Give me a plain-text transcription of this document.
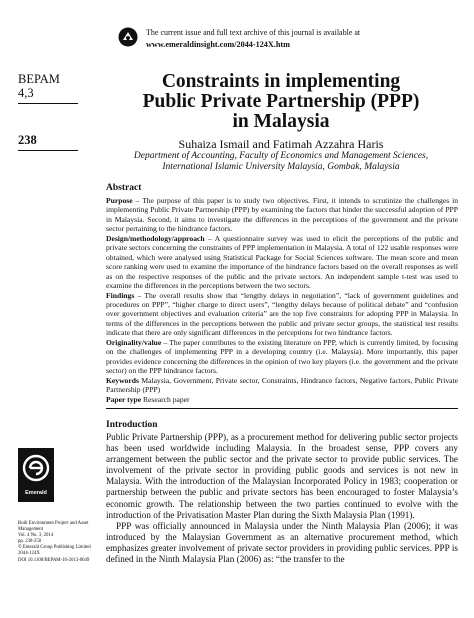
The current issue and full text archive of this journal is available at
www.emeraldinsight.com/2044-124X.htm
BEPAM
4,3
238
Constraints in implementing
Public Private Partnership (PPP)
in Malaysia
Suhaiza Ismail and Fatimah Azzahra Haris
Department of Accounting, Faculty of Economics and Management Sciences,
International Islamic University Malaysia, Gombak, Malaysia
Abstract

Purpose – The purpose of this paper is to study two objectives. First, it intends to scrutinize the challenges in implementing Public Private Partnership (PPP) by examining the factors that hinder the successful adoption of PPP in Malaysia. Second, it aims to investigate the differences in the perceptions of the government and the private sector pertaining to the hindrance factors.

Design/methodology/approach – A questionnaire survey was used to elicit the perceptions of the public and private sectors concerning the constraints of PPP implementation in Malaysia. A total of 122 usable responses were obtained, which were analysed using Statistical Package for Social Sciences software. The mean score and mean score ranking were used to examine the importance of the hindrance factors based on the overall responses as well as on the respective responses of the public and the private sectors. An independent sample t-test was used to examine the differences in the perceptions between the two sectors.

Findings – The overall results show that “lengthy delays in negotiation”, “lack of government guidelines and procedures on PPP”, “higher charge to direct users”, “lengthy delays because of political debate” and “confusion over government objectives and evaluation criteria” are the top five constraints for adopting PPP in Malaysia. In terms of the differences in the perceptions between the public and private sector groups, the statistical test results indicate that there are only significant differences in the perceptions for two hindrance factors.

Originality/value – The paper contributes to the existing literature on PPP, which is currently limited, by focusing on the challenges of implementing PPP in a developing country (i.e. Malaysia). More importantly, this paper provides evidence concerning the differences in the opinion of two key players (i.e. the government and the private sector) on the PPP hindrance factors.

Keywords Malaysia, Government, Private sector, Constraints, Hindrance factors, Negative factors, Public Private Partnership (PPP)

Paper type Research paper

Introduction

Public Private Partnership (PPP), as a procurement method for delivering public sector projects has been used worldwide including Malaysia. In the broadest sense, PPP covers any arrangement between the public sector and the private sector to provide public services. The involvement of the private sector in providing public goods and services is not new in Malaysia. With the introduction of the Malaysian Incorporated Policy in 1983; cooperation or partnership between the public and private sectors has been encouraged to foster Malaysia’s economic growth. The relationship between the two parties continued to evolve with the introduction of the Privatisation Master Plan during the Sixth Malaysia Plan (1991).

PPP was officially announced in Malaysia under the Ninth Malaysia Plan (2006); it was introduced by the Malaysian Government as an alternative procurement method, which emphasizes greater involvement of private sector providers in providing public services. PPP is defined in the Ninth Malaysia Plan (2006) as: “the transfer to the

Emerald
Built Environment Project and Asset
Management
Vol. 4 No. 3, 2014
pp. 238-250
© Emerald Group Publishing Limited
2044-124X
DOI 10.1108/BEPAM-10-2013-0049
